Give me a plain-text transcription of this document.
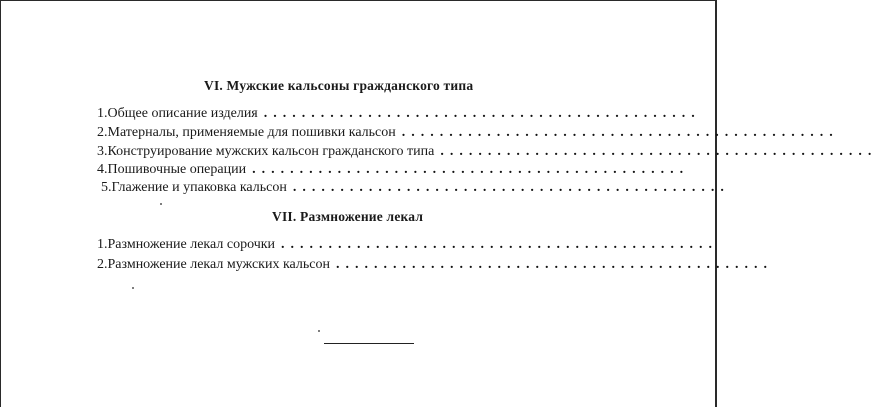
VI. Мужские кальсоны гражданского типа
1. Общее описание изделия ..............................................
2. Матерналы, применяемые для пошивки кальсон ..............................................
3. Конструирование мужских кальсон гражданского типа ..............................................
4. Пошивочные операции ..............................................
5. Глажение и упаковка кальсон ..............................................
VII. Размножение лекал
1. Размножение лекал сорочки ..............................................
2. Размножение лекал мужских кальсон ..............................................
